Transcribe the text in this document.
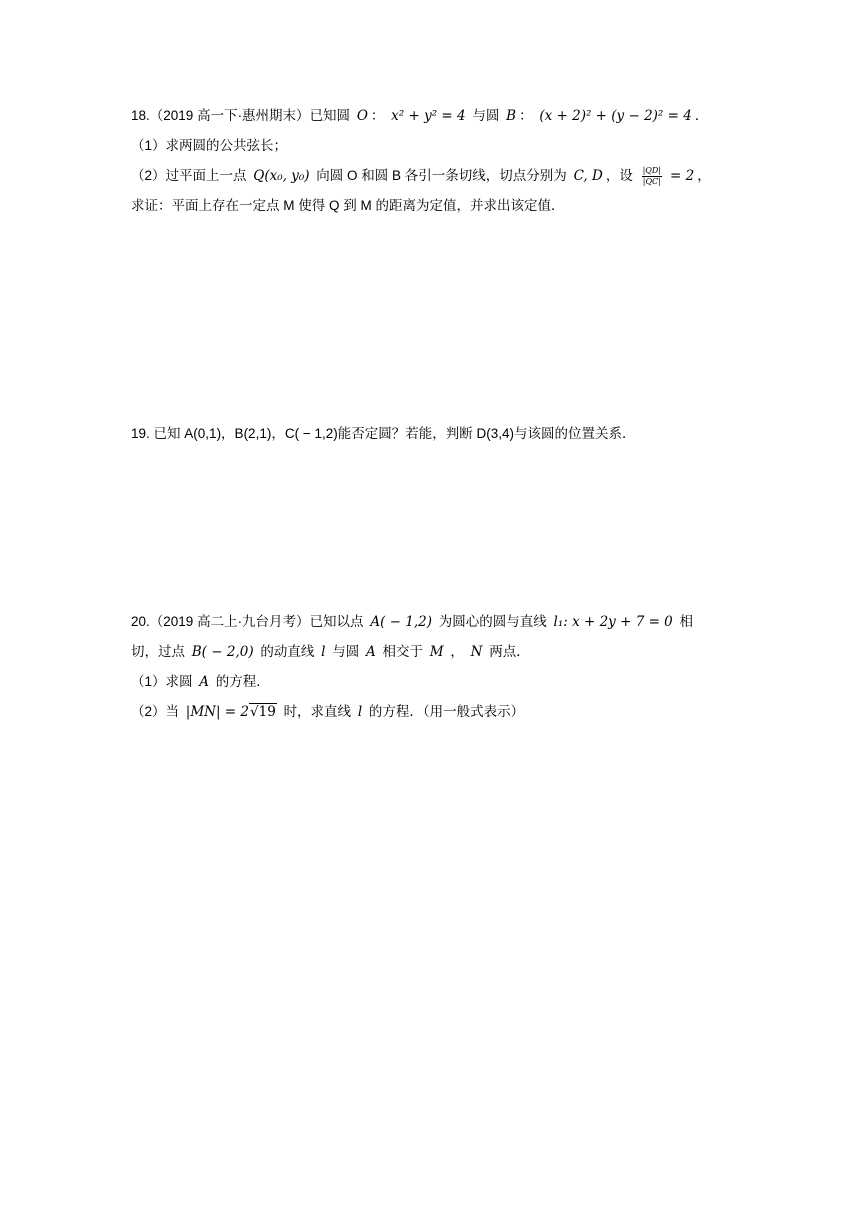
18.（2019 高一下·惠州期末）已知圆 O ： x² + y² = 4 与圆 B ： (x + 2)² + (y − 2)² = 4 ．
（1）求两圆的公共弦长；
（2）过平面上一点 Q(x₀, y₀) 向圆 O 和圆 B 各引一条切线，切点分别为 C, D ，设 $\frac{|QD|}{|QC|} = 2$ ，
求证：平面上存在一定点 M 使得 Q 到 M 的距离为定值，并求出该定值．
19. 已知 A(0,1)，B(2,1)，C( − 1,2)能否定圆？若能，判断 D(3,4)与该圆的位置关系．
20.（2019 高二上·九台月考）已知以点 A( − 1,2) 为圆心的圆与直线 l₁: x + 2y + 7 = 0 相
切，过点 B( − 2,0) 的动直线 l 与圆 A 相交于 M ， N 两点．
（1）求圆 A 的方程．
（2）当 |MN| = 2√19 时，求直线 l 的方程．（用一般式表示）
